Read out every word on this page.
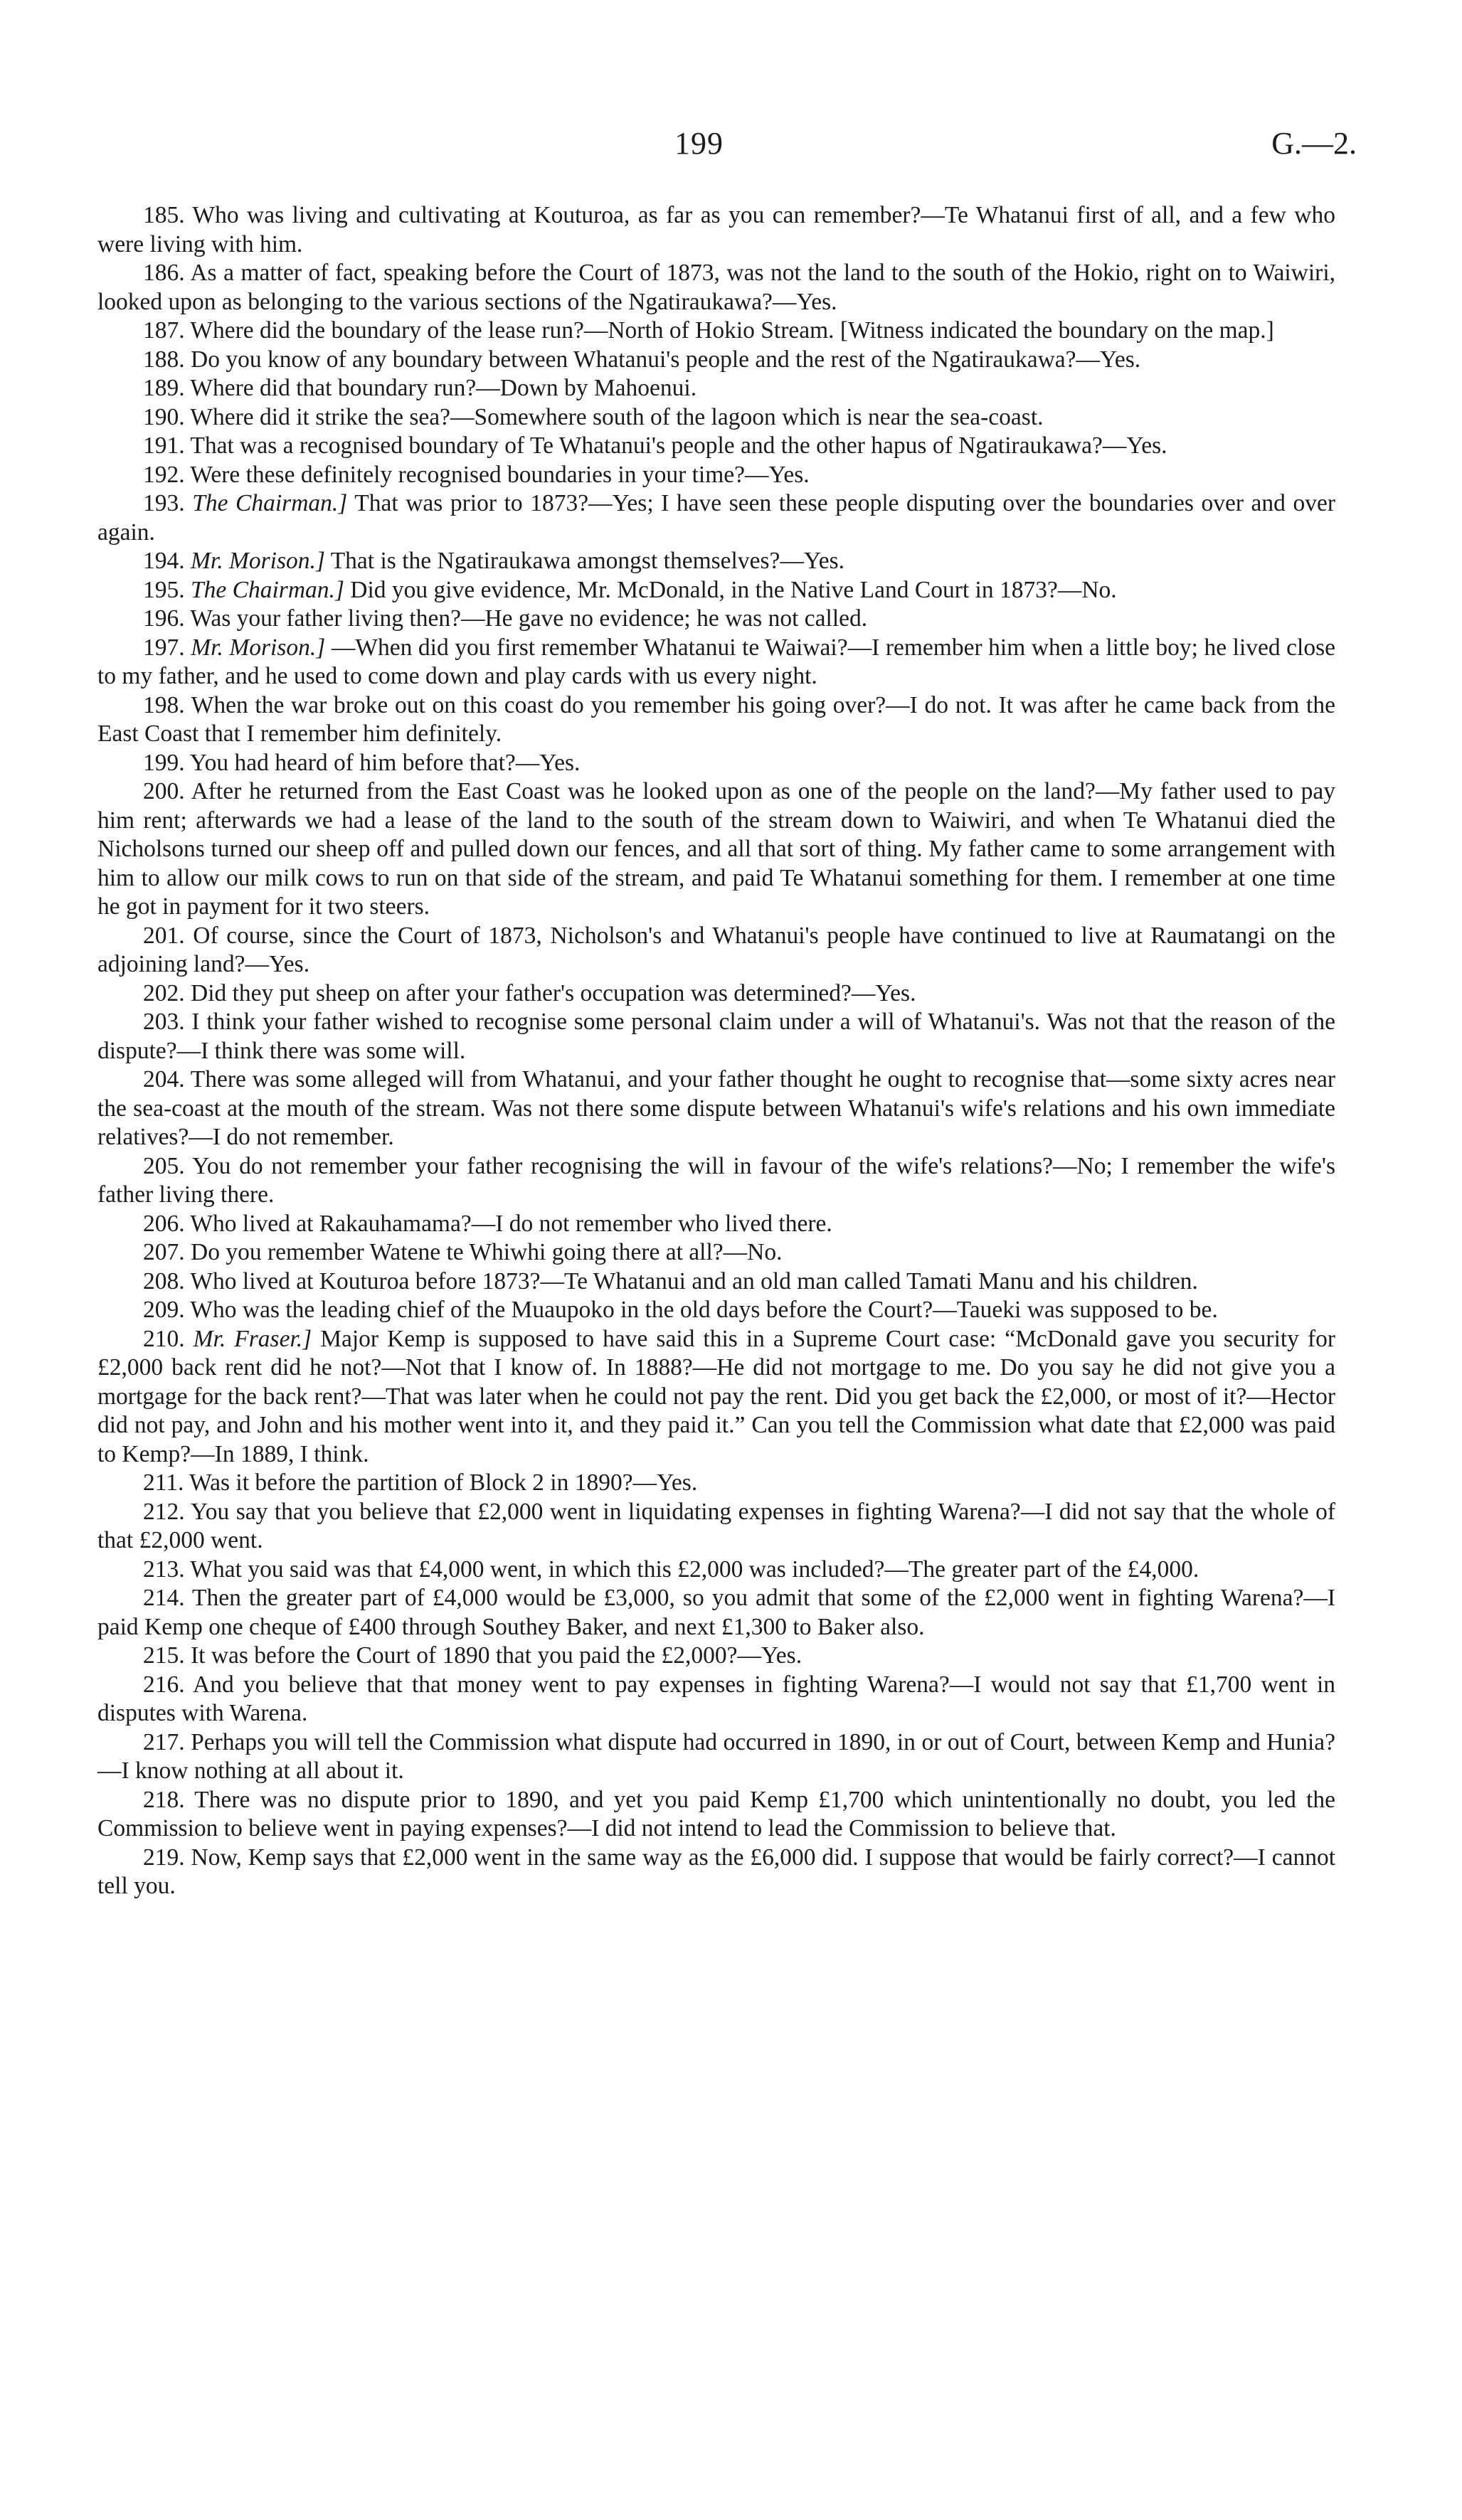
199	G.—2.

185. Who was living and cultivating at Kouturoa, as far as you can remember?—Te Whatanui first of all, and a few who were living with him.

186. As a matter of fact, speaking before the Court of 1873, was not the land to the south of the Hokio, right on to Waiwiri, looked upon as belonging to the various sections of the Ngatiraukawa?—Yes.

187. Where did the boundary of the lease run?—North of Hokio Stream. [Witness indicated the boundary on the map.]

188. Do you know of any boundary between Whatanui's people and the rest of the Ngatiraukawa?—Yes.

189. Where did that boundary run?—Down by Mahoenui.

190. Where did it strike the sea?—Somewhere south of the lagoon which is near the sea-coast.

191. That was a recognised boundary of Te Whatanui's people and the other hapus of Ngatiraukawa?—Yes.

192. Were these definitely recognised boundaries in your time?—Yes.

193. The Chairman.] That was prior to 1873?—Yes; I have seen these people disputing over the boundaries over and over again.

194. Mr. Morison.] That is the Ngatiraukawa amongst themselves?—Yes.

195. The Chairman.] Did you give evidence, Mr. McDonald, in the Native Land Court in 1873?—No.

196. Was your father living then?—He gave no evidence; he was not called.

197. Mr. Morison.] —When did you first remember Whatanui te Waiwai?—I remember him when a little boy; he lived close to my father, and he used to come down and play cards with us every night.

198. When the war broke out on this coast do you remember his going over?—I do not. It was after he came back from the East Coast that I remember him definitely.

199. You had heard of him before that?—Yes.

200. After he returned from the East Coast was he looked upon as one of the people on the land?—My father used to pay him rent; afterwards we had a lease of the land to the south of the stream down to Waiwiri, and when Te Whatanui died the Nicholsons turned our sheep off and pulled down our fences, and all that sort of thing. My father came to some arrangement with him to allow our milk cows to run on that side of the stream, and paid Te Whatanui something for them. I remember at one time he got in payment for it two steers.

201. Of course, since the Court of 1873, Nicholson's and Whatanui's people have continued to live at Raumatangi on the adjoining land?—Yes.

202. Did they put sheep on after your father's occupation was determined?—Yes.

203. I think your father wished to recognise some personal claim under a will of Whatanui's. Was not that the reason of the dispute?—I think there was some will.

204. There was some alleged will from Whatanui, and your father thought he ought to recognise that—some sixty acres near the sea-coast at the mouth of the stream. Was not there some dispute between Whatanui's wife's relations and his own immediate relatives?—I do not remember.

205. You do not remember your father recognising the will in favour of the wife's relations?—No; I remember the wife's father living there.

206. Who lived at Rakauhamama?—I do not remember who lived there.

207. Do you remember Watene te Whiwhi going there at all?—No.

208. Who lived at Kouturoa before 1873?—Te Whatanui and an old man called Tamati Manu and his children.

209. Who was the leading chief of the Muaupoko in the old days before the Court?—Taueki was supposed to be.

210. Mr. Fraser.] Major Kemp is supposed to have said this in a Supreme Court case: “McDonald gave you security for £2,000 back rent did he not?—Not that I know of. In 1888?—He did not mortgage to me. Do you say he did not give you a mortgage for the back rent?—That was later when he could not pay the rent. Did you get back the £2,000, or most of it?—Hector did not pay, and John and his mother went into it, and they paid it.” Can you tell the Commission what date that £2,000 was paid to Kemp?—In 1889, I think.

211. Was it before the partition of Block 2 in 1890?—Yes.

212. You say that you believe that £2,000 went in liquidating expenses in fighting Warena?—I did not say that the whole of that £2,000 went.

213. What you said was that £4,000 went, in which this £2,000 was included?—The greater part of the £4,000.

214. Then the greater part of £4,000 would be £3,000, so you admit that some of the £2,000 went in fighting Warena?—I paid Kemp one cheque of £400 through Southey Baker, and next £1,300 to Baker also.

215. It was before the Court of 1890 that you paid the £2,000?—Yes.

216. And you believe that that money went to pay expenses in fighting Warena?—I would not say that £1,700 went in disputes with Warena.

217. Perhaps you will tell the Commission what dispute had occurred in 1890, in or out of Court, between Kemp and Hunia?—I know nothing at all about it.

218. There was no dispute prior to 1890, and yet you paid Kemp £1,700 which unintentionally no doubt, you led the Commission to believe went in paying expenses?—I did not intend to lead the Commission to believe that.

219. Now, Kemp says that £2,000 went in the same way as the £6,000 did. I suppose that would be fairly correct?—I cannot tell you.
